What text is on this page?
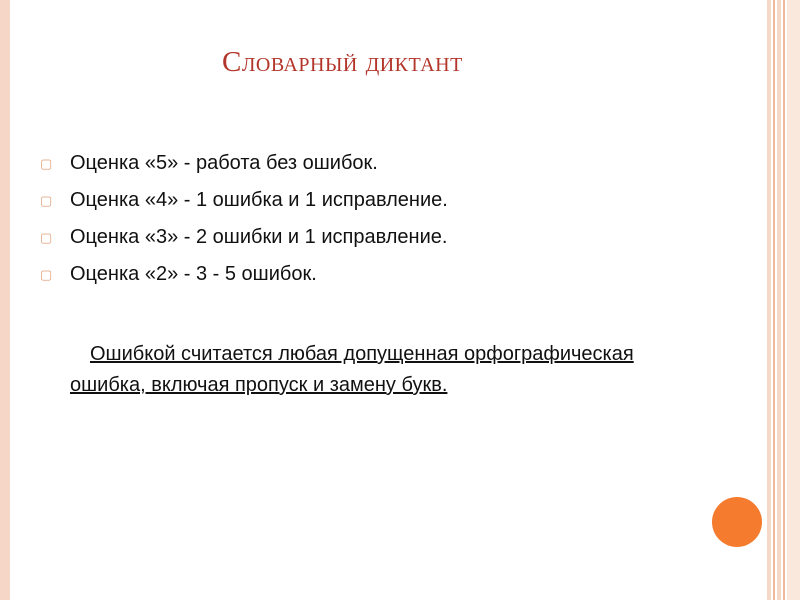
Словарный диктант
▢ Оценка «5» - работа без ошибок.
▢ Оценка «4» - 1 ошибка и 1 исправление.
▢ Оценка «3» - 2 ошибки и 1 исправление.
▢ Оценка «2» - 3 - 5 ошибок.
Ошибкой считается любая допущенная орфографическая ошибка, включая пропуск и замену букв.
